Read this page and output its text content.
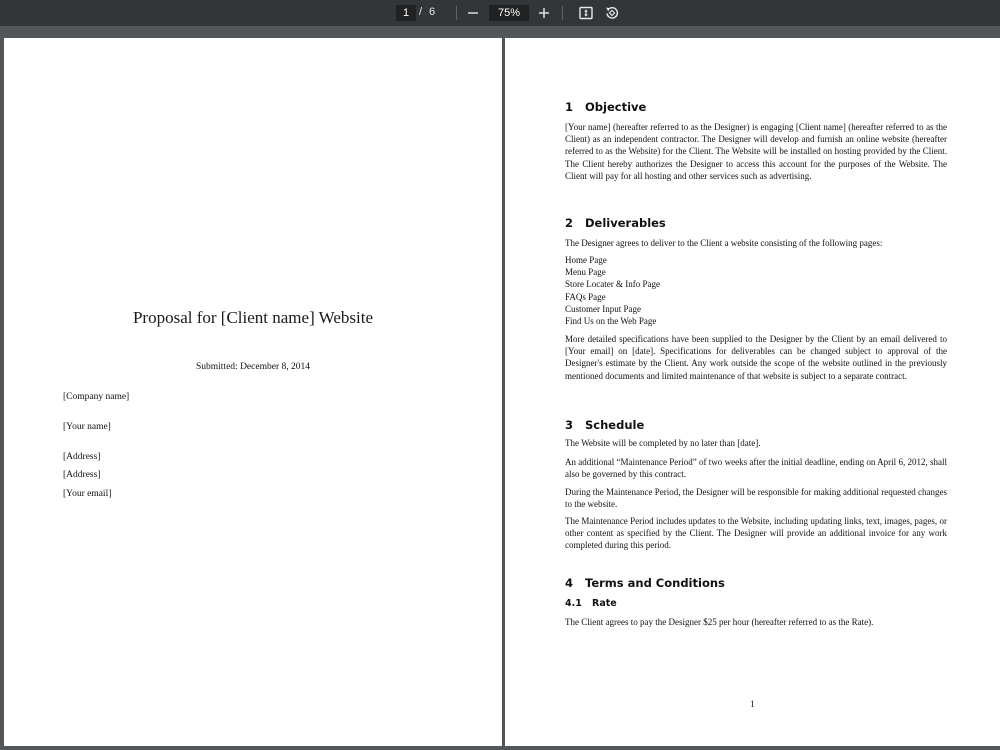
1 / 6	75%
Proposal for [Client name] Website
Submitted: December 8, 2014
[Company name]
[Your name]
[Address]
[Address]
[Your email]
1 Objective
[Your name] (hereafter referred to as the Designer) is engaging [Client name] (hereafter referred to as the Client) as an independent contractor. The Designer will develop and furnish an online website (hereafter referred to as the Website) for the Client. The Website will be installed on hosting provided by the Client. The Client hereby authorizes the Designer to access this account for the purposes of the Website. The Client will pay for all hosting and other services such as advertising.
2 Deliverables
The Designer agrees to deliver to the Client a website consisting of the following pages:
Home Page
Menu Page
Store Locater & Info Page
FAQs Page
Customer Input Page
Find Us on the Web Page
More detailed specifications have been supplied to the Designer by the Client by an email delivered to [Your email] on [date]. Specifications for deliverables can be changed subject to approval of the Designer's estimate by the Client. Any work outside the scope of the website outlined in the previously mentioned documents and limited maintenance of that website is subject to a separate contract.
3 Schedule
The Website will be completed by no later than [date].
An additional “Maintenance Period” of two weeks after the initial deadline, ending on April 6, 2012, shall also be governed by this contract.
During the Maintenance Period, the Designer will be responsible for making additional requested changes to the website.
The Maintenance Period includes updates to the Website, including updating links, text, images, pages, or other content as specified by the Client. The Designer will provide an additional invoice for any work completed during this period.
4 Terms and Conditions
4.1 Rate
The Client agrees to pay the Designer $25 per hour (hereafter referred to as the Rate).
1
